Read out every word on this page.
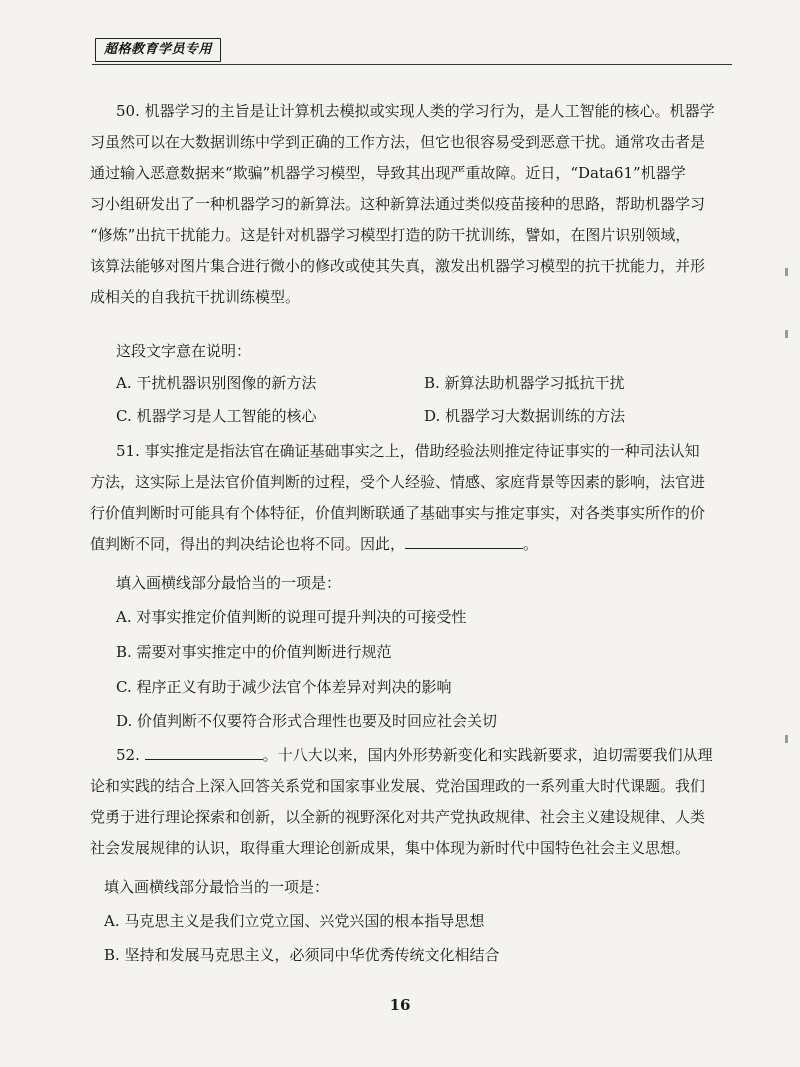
超格教育学员专用
50. 机器学习的主旨是让计算机去模拟或实现人类的学习行为，是人工智能的核心。机器学
习虽然可以在大数据训练中学到正确的工作方法，但它也很容易受到恶意干扰。通常攻击者是
通过输入恶意数据来“欺骗”机器学习模型，导致其出现严重故障。近日，“Data61”机器学
习小组研发出了一种机器学习的新算法。这种新算法通过类似疫苗接种的思路，帮助机器学习
“修炼”出抗干扰能力。这是针对机器学习模型打造的防干扰训练，譬如，在图片识别领域，
该算法能够对图片集合进行微小的修改或使其失真，激发出机器学习模型的抗干扰能力，并形
成相关的自我抗干扰训练模型。
这段文字意在说明：
A. 干扰机器识别图像的新方法	B. 新算法助机器学习抵抗干扰
C. 机器学习是人工智能的核心	D. 机器学习大数据训练的方法
51. 事实推定是指法官在确证基础事实之上，借助经验法则推定待证事实的一种司法认知
方法，这实际上是法官价值判断的过程，受个人经验、情感、家庭背景等因素的影响，法官进
行价值判断时可能具有个体特征，价值判断联通了基础事实与推定事实，对各类事实所作的价
值判断不同，得出的判决结论也将不同。因此，	。
填入画横线部分最恰当的一项是：
A. 对事实推定价值判断的说理可提升判决的可接受性
B. 需要对事实推定中的价值判断进行规范
C. 程序正义有助于减少法官个体差异对判决的影响
D. 价值判断不仅要符合形式合理性也要及时回应社会关切
52.	。十八大以来，国内外形势新变化和实践新要求，迫切需要我们从理
论和实践的结合上深入回答关系党和国家事业发展、党治国理政的一系列重大时代课题。我们
党勇于进行理论探索和创新，以全新的视野深化对共产党执政规律、社会主义建设规律、人类
社会发展规律的认识，取得重大理论创新成果，集中体现为新时代中国特色社会主义思想。
填入画横线部分最恰当的一项是：
A. 马克思主义是我们立党立国、兴党兴国的根本指导思想
B. 坚持和发展马克思主义，必须同中华优秀传统文化相结合
16
